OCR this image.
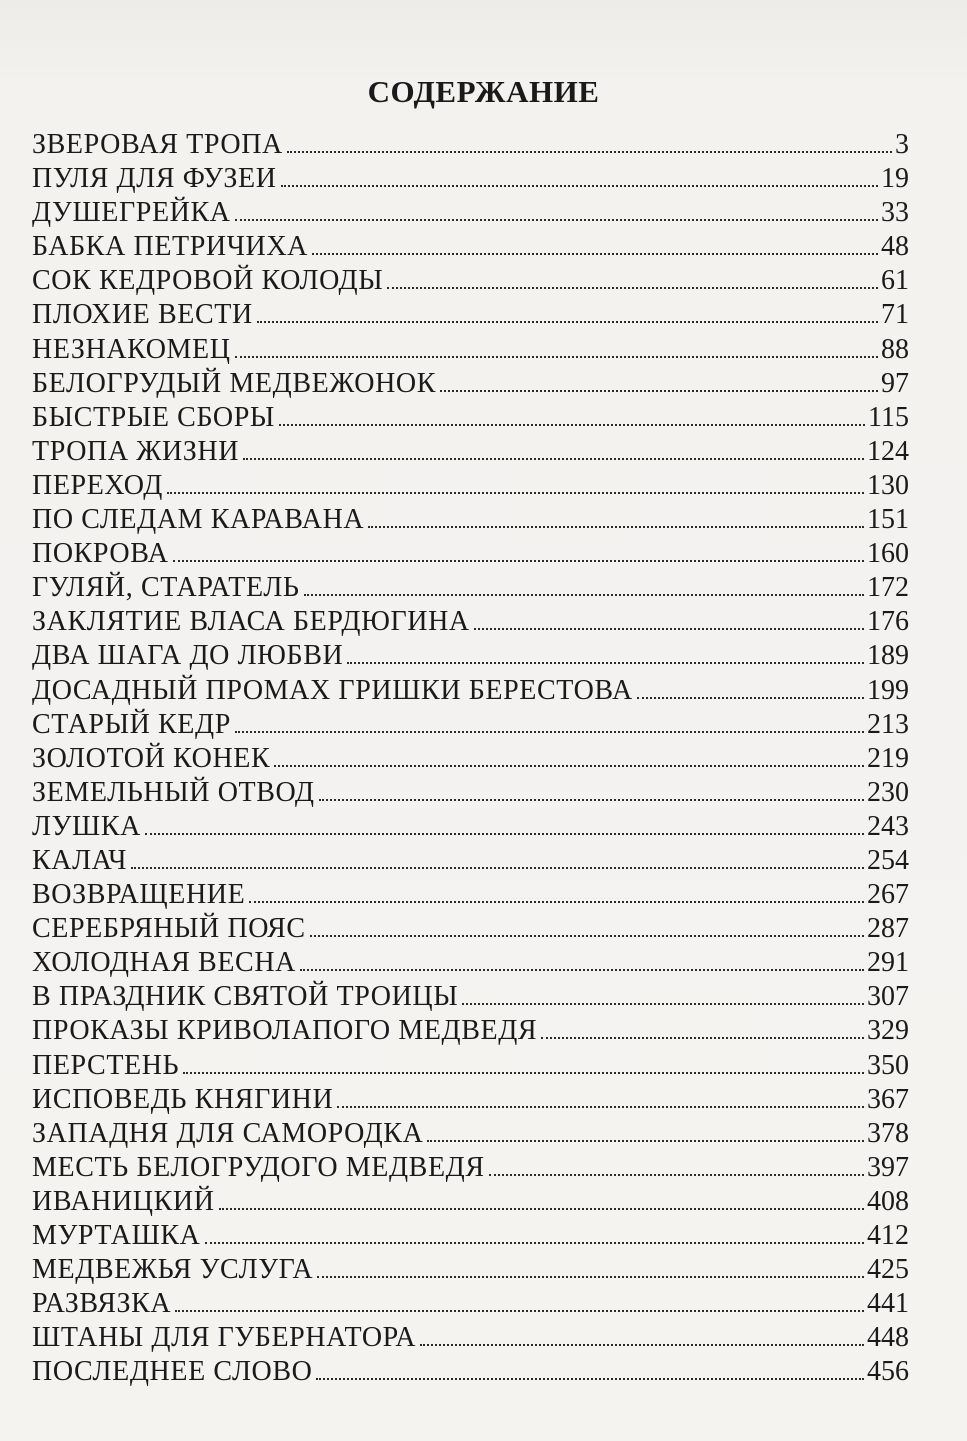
СОДЕРЖАНИЕ
ЗВЕРОВАЯ ТРОПА	3
ПУЛЯ ДЛЯ ФУЗЕИ	19
ДУШЕГРЕЙКА	33
БАБКА ПЕТРИЧИХА	48
СОК КЕДРОВОЙ КОЛОДЫ	61
ПЛОХИЕ ВЕСТИ	71
НЕЗНАКОМЕЦ	88
БЕЛОГРУДЫЙ МЕДВЕЖОНОК	97
БЫСТРЫЕ СБОРЫ	115
ТРОПА ЖИЗНИ	124
ПЕРЕХОД	130
ПО СЛЕДАМ КАРАВАНА	151
ПОКРОВА	160
ГУЛЯЙ, СТАРАТЕЛЬ	172
ЗАКЛЯТИЕ ВЛАСА БЕРДЮГИНА	176
ДВА ШАГА ДО ЛЮБВИ	189
ДОСАДНЫЙ ПРОМАХ ГРИШКИ БЕРЕСТОВА	199
СТАРЫЙ КЕДР	213
ЗОЛОТОЙ КОНЕК	219
ЗЕМЕЛЬНЫЙ ОТВОД	230
ЛУШКА	243
КАЛАЧ	254
ВОЗВРАЩЕНИЕ	267
СЕРЕБРЯНЫЙ ПОЯС	287
ХОЛОДНАЯ ВЕСНА	291
В ПРАЗДНИК СВЯТОЙ ТРОИЦЫ	307
ПРОКАЗЫ КРИВОЛАПОГО МЕДВЕДЯ	329
ПЕРСТЕНЬ	350
ИСПОВЕДЬ КНЯГИНИ	367
ЗАПАДНЯ ДЛЯ САМОРОДКА	378
МЕСТЬ БЕЛОГРУДОГО МЕДВЕДЯ	397
ИВАНИЦКИЙ	408
МУРТАШКА	412
МЕДВЕЖЬЯ УСЛУГА	425
РАЗВЯЗКА	441
ШТАНЫ ДЛЯ ГУБЕРНАТОРА	448
ПОСЛЕДНЕЕ СЛОВО	456
